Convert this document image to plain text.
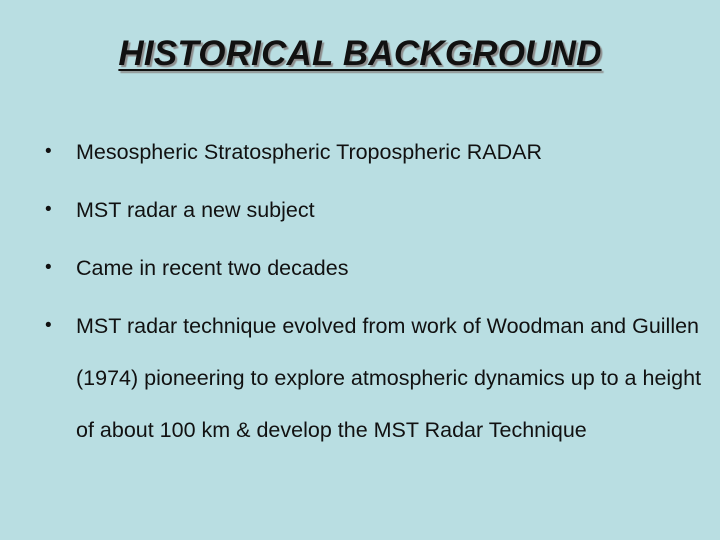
HISTORICAL BACKGROUND
• Mesospheric Stratospheric Tropospheric RADAR
• MST radar a new subject
• Came in recent two decades
• MST radar technique evolved from work of Woodman and Guillen (1974) pioneering to explore atmospheric dynamics up to a height of about 100 km & develop the MST Radar Technique
